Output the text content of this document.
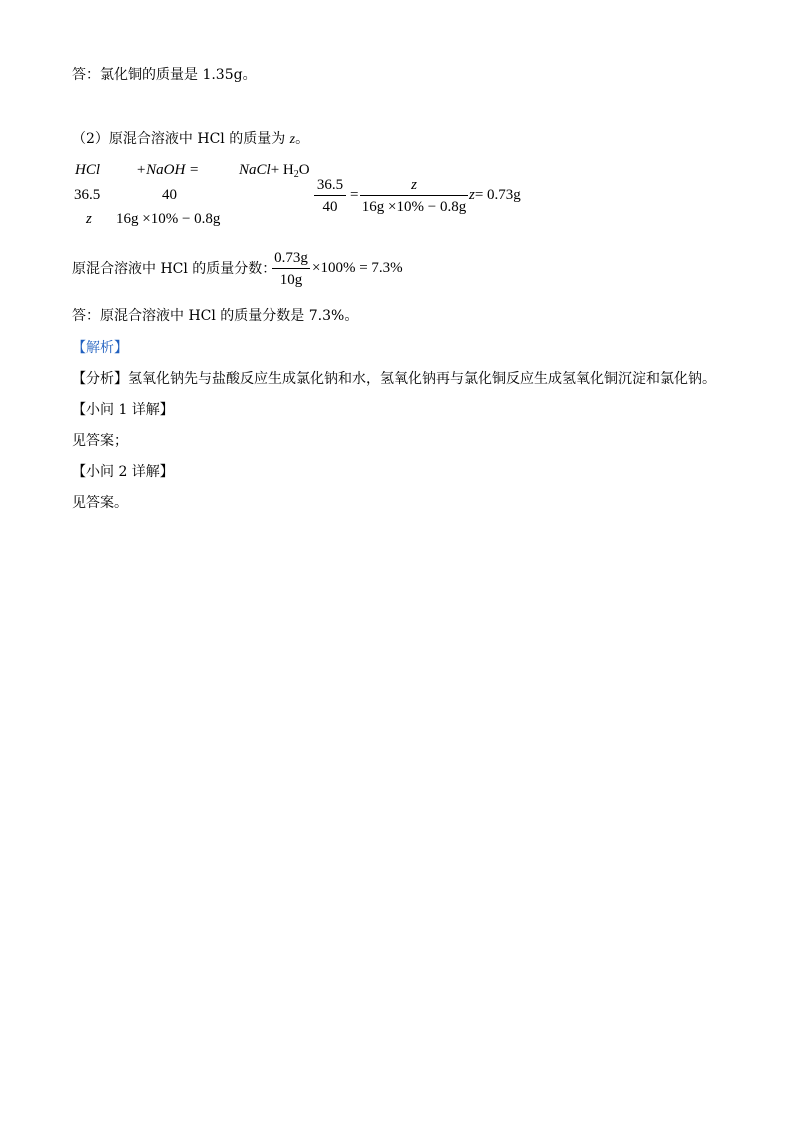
答：氯化铜的质量是 1.35g。
（2）原混合溶液中 HCl 的质量为 z。
HCl +NaOH =	NaCl+ $H_2O$
36.5	40
z 16g ×10% − 0.8g
36.5
40
=
z
16g ×10% − 0.8g
z= 0.73g
原混合溶液中 HCl 的质量分数：
0.73g
10g
×100% = 7.3%
答：原混合溶液中 HCl 的质量分数是 7.3%。
【解析】
【分析】氢氧化钠先与盐酸反应生成氯化钠和水，氢氧化钠再与氯化铜反应生成氢氧化铜沉淀和氯化钠。
【小问 1 详解】
见答案；
【小问 2 详解】
见答案。
